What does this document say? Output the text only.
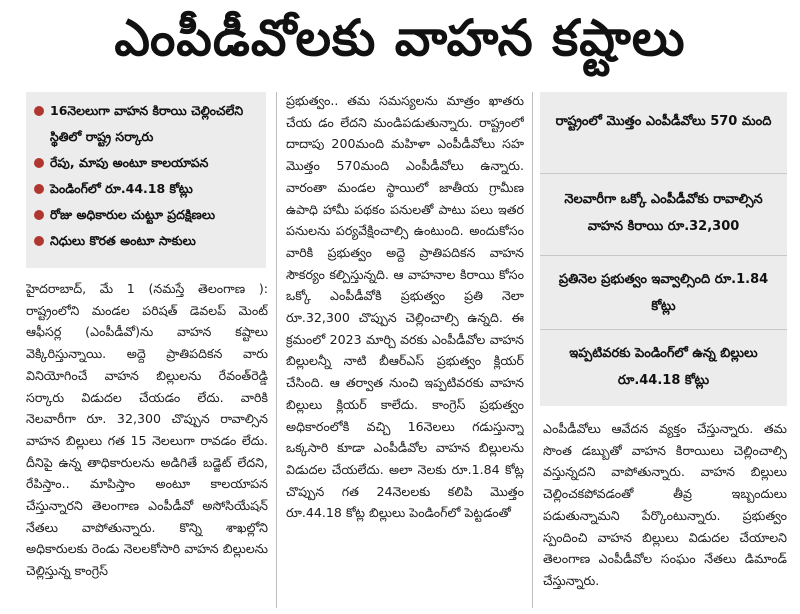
ఎంపీడీవోలకు వాహన కష్టాలు
16నెలలుగా వాహన కిరాయి చెల్లించలేని స్థితిలో రాష్ట్ర సర్కారు
రేపు, మాపు అంటూ కాలయాపన
పెండింగ్‌లో రూ.44.18 కోట్లు
రోజు అధికారుల చుట్టూ ప్రదక్షిణలు
నిధులు కొరత అంటూ సాకులు
హైదరాబాద్‌, మే 1 (నమస్తే తెలంగాణ ): రాష్ట్రంలోని మండల పరిషత్‌ డెవలప్‌ మెంట్‌ ఆఫీసర్ల (ఎంపీడీవో)ను వాహన కష్టాలు వెక్కిరిస్తున్నాయి. అద్దె ప్రాతిపదికన వారు వినియోగించే వాహన బిల్లులను రేవంత్‌రెడ్డి సర్కారు విడుదల చేయడం లేదు. వారికి నెలవారీగా రూ. 32,300 చొప్పున రావాల్సిన వాహన బిల్లులు గత 15 నెలలుగా రావడం లేదు. దీనిపై ఉన్న తాధికారులను అడిగితే బడ్జెట్‌ లేదని, రేపిస్తాం.. మాపిస్తాం అంటూ కాలయాపన చేస్తున్నారని తెలంగాణ ఎంపీడీవో అసోసియేషన్‌ నేతలు వాపోతున్నారు. కొన్ని శాఖల్లోని అధికారులకు రెండు నెలలకోసారి వాహన బిల్లులను చెల్లిస్తున్న కాంగ్రెస్‌
ప్రభుత్వం.. తమ సమస్యలను మాత్రం ఖాతరు చేయ డం లేదని మండిపడుతున్నారు. రాష్ట్రంలో దాదాపు 200మంది మహిళా ఎంపీడీవోలు సహ మొత్తం 570మంది ఎంపీడీవోలు ఉన్నారు. వారంతా మండల స్థాయిలో జాతీయ గ్రామీణ ఉపాధి హామీ పథకం పనులతో పాటు పలు ఇతర పనులను పర్యవేక్షించాల్సి ఉంటుంది. అందుకోసం వారికి ప్రభుత్వం అద్దె ప్రాతిపదికన వాహన సౌకర్యం కల్పిస్తున్నది. ఆ వాహనాల కిరాయి కోసం ఒక్కో ఎంపీడీవోకి ప్రభుత్వం ప్రతి నెలా రూ.32,300 చొప్పున చెల్లించాల్సి ఉన్నది. ఈ క్రమంలో 2023 మార్చి వరకు ఎంపీడీవోల వాహన బిల్లులన్నీ నాటి బీఆర్‌ఎస్‌ ప్రభుత్వం క్లియర్‌ చేసింది. ఆ తర్వాత నుంచి ఇప్పటివరకు వాహన బిల్లులు క్లియర్‌ కాలేదు. కాంగ్రెస్‌ ప్రభుత్వం అధికారంలోకి వచ్చి 16నెలలు గడుస్తున్నా ఒక్కసారి కూడా ఎంపీడీవోల వాహన బిల్లులను విడుదల చేయలేదు. అలా నెలకు రూ.1.84 కోట్ల చొప్పున గత 24నెలలకు కలిపి మొత్తం రూ.44.18 కోట్ల బిల్లులు పెండింగ్‌లో పెట్టడంతో
రాష్ట్రంలో మొత్తం ఎంపీడీవోలు 570 మంది
నెలవారీగా ఒక్కో ఎంపీడీవోకు రావాల్సిన వాహన కిరాయి రూ.32,300
ప్రతినెల ప్రభుత్వం ఇవ్వాల్సింది రూ.1.84 కోట్లు
ఇప్పటివరకు పెండింగ్‌లో ఉన్న బిల్లులు రూ.44.18 కోట్లు
ఎంపీడీవోలు ఆవేదన వ్యక్తం చేస్తున్నారు. తమ సొంత డబ్బుతో వాహన కిరాయిలు చెల్లించాల్సి వస్తున్నదని వాపోతున్నారు. వాహన బిల్లులు చెల్లించకపోవడంతో తీవ్ర ఇబ్బందులు పడుతున్నామని పేర్కొంటున్నారు. ప్రభుత్వం స్పందించి వాహన బిల్లులు విడుదల చేయాలని తెలంగాణ ఎంపీడీవోల సంఘం నేతలు డిమాండ్‌ చేస్తున్నారు.
